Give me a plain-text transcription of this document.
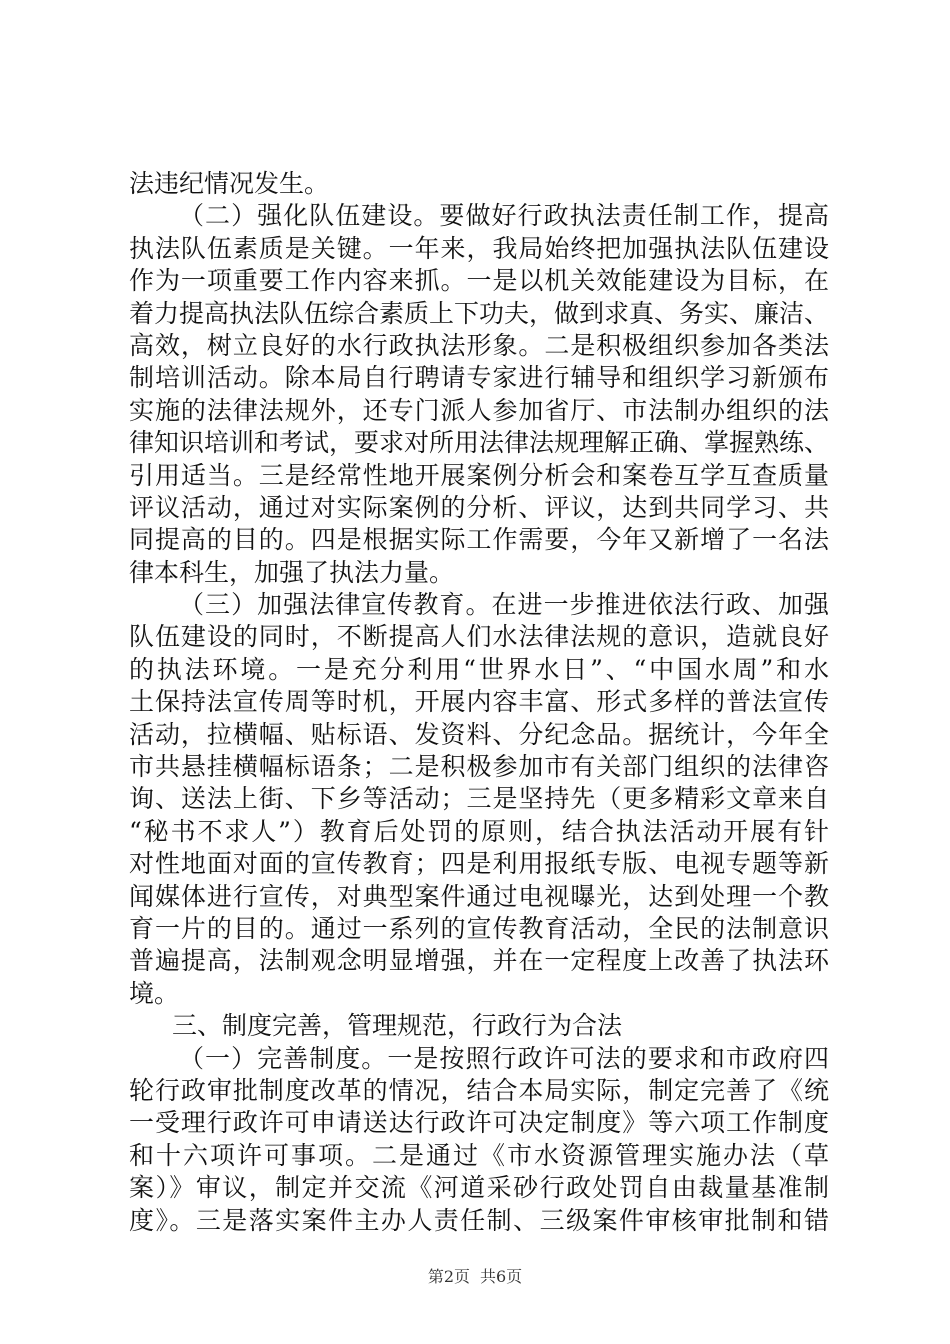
法违纪情况发生。
（二）强化队伍建设。要做好行政执法责任制工作，提高
执法队伍素质是关键。一年来，我局始终把加强执法队伍建设
作为一项重要工作内容来抓。一是以机关效能建设为目标，在
着力提高执法队伍综合素质上下功夫，做到求真、务实、廉洁、
高效，树立良好的水行政执法形象。二是积极组织参加各类法
制培训活动。除本局自行聘请专家进行辅导和组织学习新颁布
实施的法律法规外，还专门派人参加省厅、市法制办组织的法
律知识培训和考试，要求对所用法律法规理解正确、掌握熟练、
引用适当。三是经常性地开展案例分析会和案卷互学互查质量
评议活动，通过对实际案例的分析、评议，达到共同学习、共
同提高的目的。四是根据实际工作需要，今年又新增了一名法
律本科生，加强了执法力量。
（三）加强法律宣传教育。在进一步推进依法行政、加强
队伍建设的同时，不断提高人们水法律法规的意识，造就良好
的执法环境。一是充分利用“世界水日”、“中国水周”和水
土保持法宣传周等时机，开展内容丰富、形式多样的普法宣传
活动，拉横幅、贴标语、发资料、分纪念品。据统计，今年全
市共悬挂横幅标语条；二是积极参加市有关部门组织的法律咨
询、送法上街、下乡等活动；三是坚持先（更多精彩文章来自
“秘书不求人”）教育后处罚的原则，结合执法活动开展有针
对性地面对面的宣传教育；四是利用报纸专版、电视专题等新
闻媒体进行宣传，对典型案件通过电视曝光，达到处理一个教
育一片的目的。通过一系列的宣传教育活动，全民的法制意识
普遍提高，法制观念明显增强，并在一定程度上改善了执法环
境。
三、制度完善，管理规范，行政行为合法
（一）完善制度。一是按照行政许可法的要求和市政府四
轮行政审批制度改革的情况，结合本局实际，制定完善了《统
一受理行政许可申请送达行政许可决定制度》等六项工作制度
和十六项许可事项。二是通过《市水资源管理实施办法（草
案）》审议，制定并交流《河道采砂行政处罚自由裁量基准制
度》。三是落实案件主办人责任制、三级案件审核审批制和错
第2页 共6页
